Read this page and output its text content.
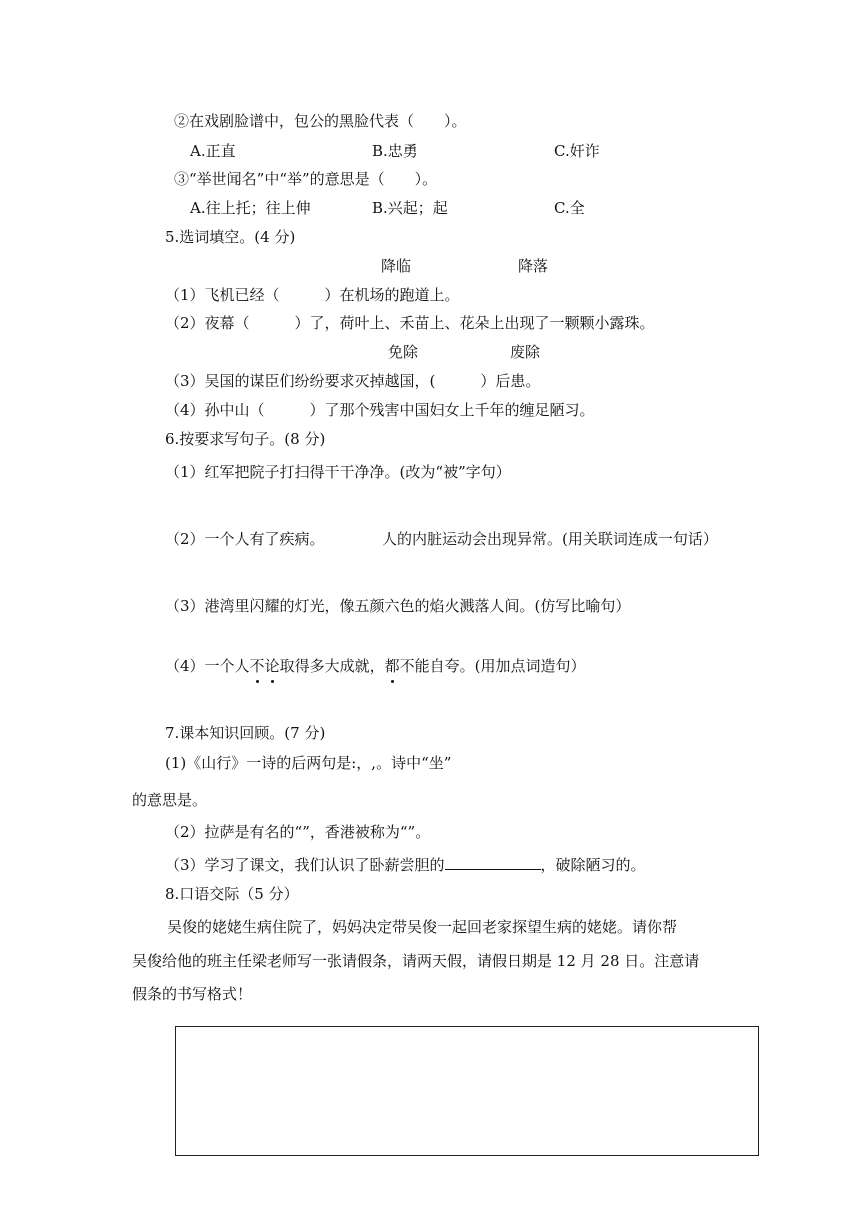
②在戏剧脸谱中，包公的黑脸代表（　　）。
A.正直	B.忠勇	C.奸诈
③“举世闻名”中“举”的意思是（　　）。
A.往上托；往上伸	B.兴起；起	C.全
5.选词填空。(4 分)
降临	降落
（1）飞机已经（　　　）在机场的跑道上。
（2）夜幕（　　　）了，荷叶上、禾苗上、花朵上出现了一颗颗小露珠。
免除	废除
（3）吴国的谋臣们纷纷要求灭掉越国，(　　　）后患。
（4）孙中山（　　　）了那个残害中国妇女上千年的缠足陋习。
6.按要求写句子。(8 分)
（1）红军把院子打扫得干干净净。(改为“被”字句）
（2）一个人有了疾病。	人的内脏运动会出现异常。(用关联词连成一句话）
（3）港湾里闪耀的灯光，像五颜六色的焰火溅落人间。(仿写比喻句）
（4）一个人不论取得多大成就，都不能自夸。(用加点词造句）
7.课本知识回顾。(7 分)
(1)《山行》一诗的后两句是:，,。诗中“坐”
的意思是。
（2）拉萨是有名的“”，香港被称为“”。
（3）学习了课文，我们认识了卧薪尝胆的	，破除陋习的。
8.口语交际（5 分）
吴俊的姥姥生病住院了，妈妈决定带吴俊一起回老家探望生病的姥姥。请你帮
吴俊给他的班主任梁老师写一张请假条，请两天假，请假日期是 12 月 28 日。注意请
假条的书写格式！
